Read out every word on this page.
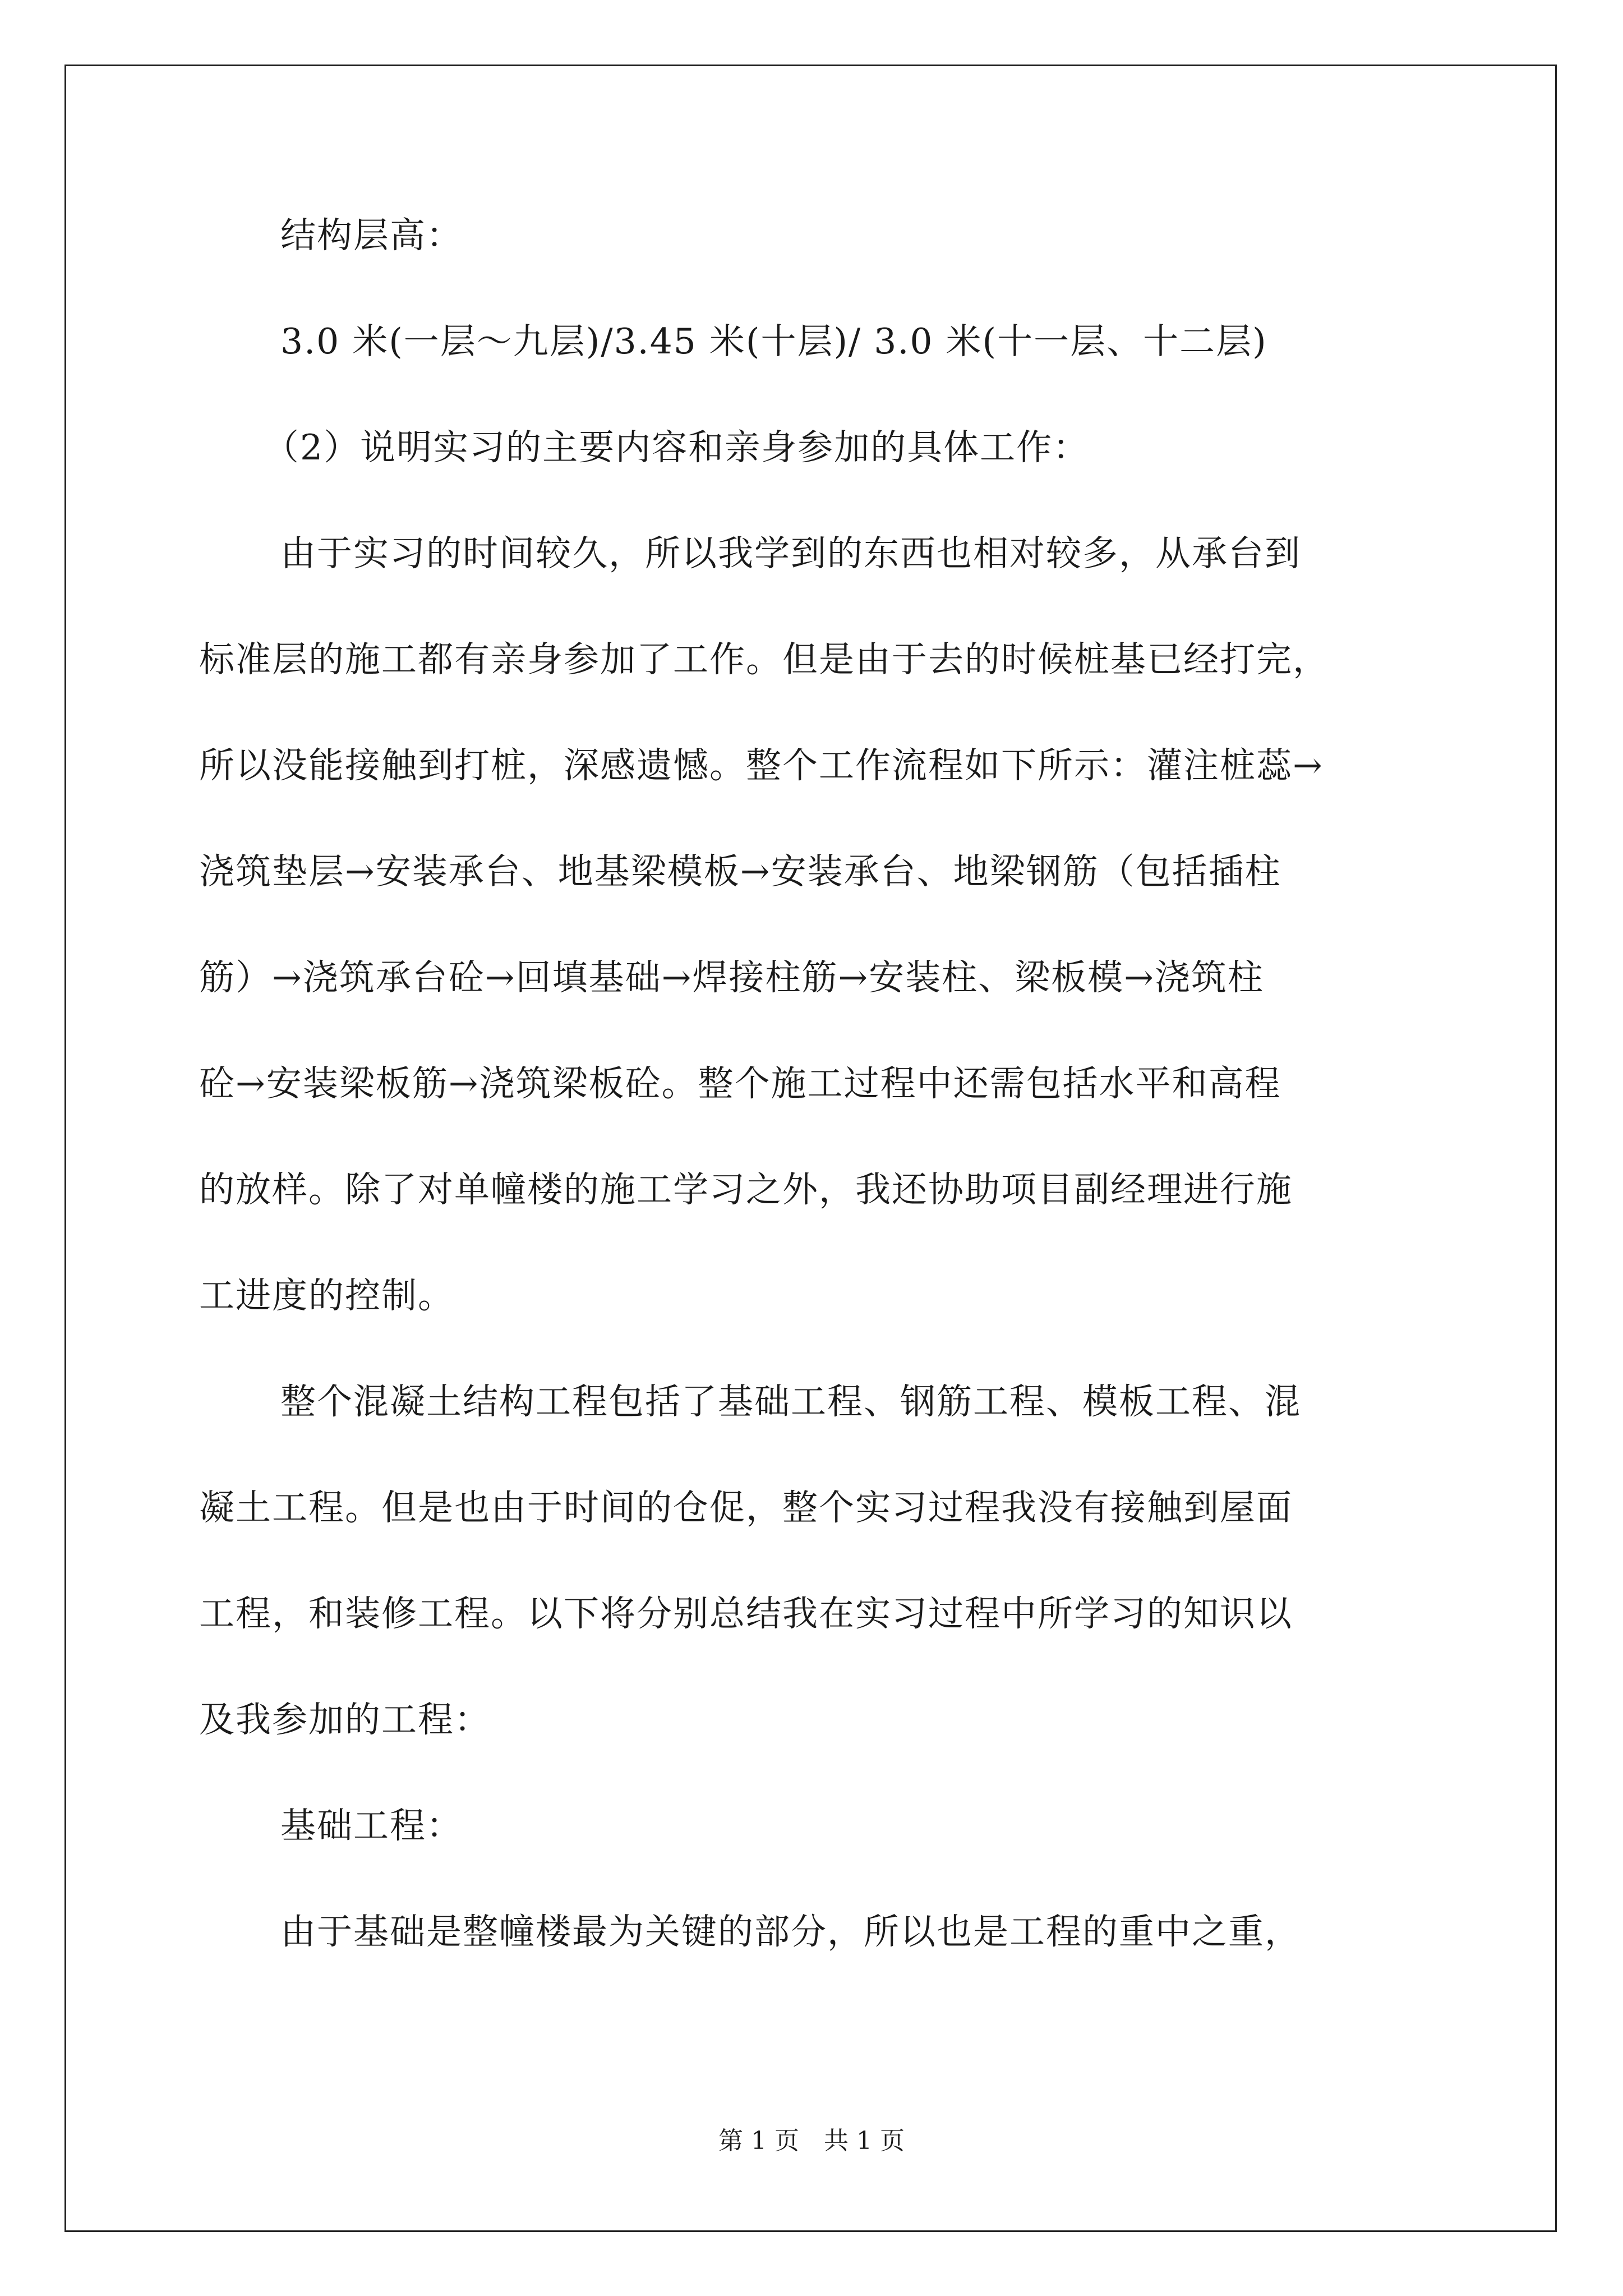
结构层高：
3.0 米(一层～九层)/3.45 米(十层)/ 3.0 米(十一层、十二层)
（2）说明实习的主要内容和亲身参加的具体工作：
由于实习的时间较久，所以我学到的东西也相对较多，从承台到
标准层的施工都有亲身参加了工作。但是由于去的时候桩基已经打完，
所以没能接触到打桩，深感遗憾。整个工作流程如下所示：灌注桩蕊→
浇筑垫层→安装承台、地基梁模板→安装承台、地梁钢筋（包括插柱
筋）→浇筑承台砼→回填基础→焊接柱筋→安装柱、梁板模→浇筑柱
砼→安装梁板筋→浇筑梁板砼。整个施工过程中还需包括水平和高程
的放样。除了对单幢楼的施工学习之外，我还协助项目副经理进行施
工进度的控制。
整个混凝土结构工程包括了基础工程、钢筋工程、模板工程、混
凝土工程。但是也由于时间的仓促，整个实习过程我没有接触到屋面
工程，和装修工程。以下将分别总结我在实习过程中所学习的知识以
及我参加的工程：
基础工程：
由于基础是整幢楼最为关键的部分，所以也是工程的重中之重，
第 1 页　共 1 页
